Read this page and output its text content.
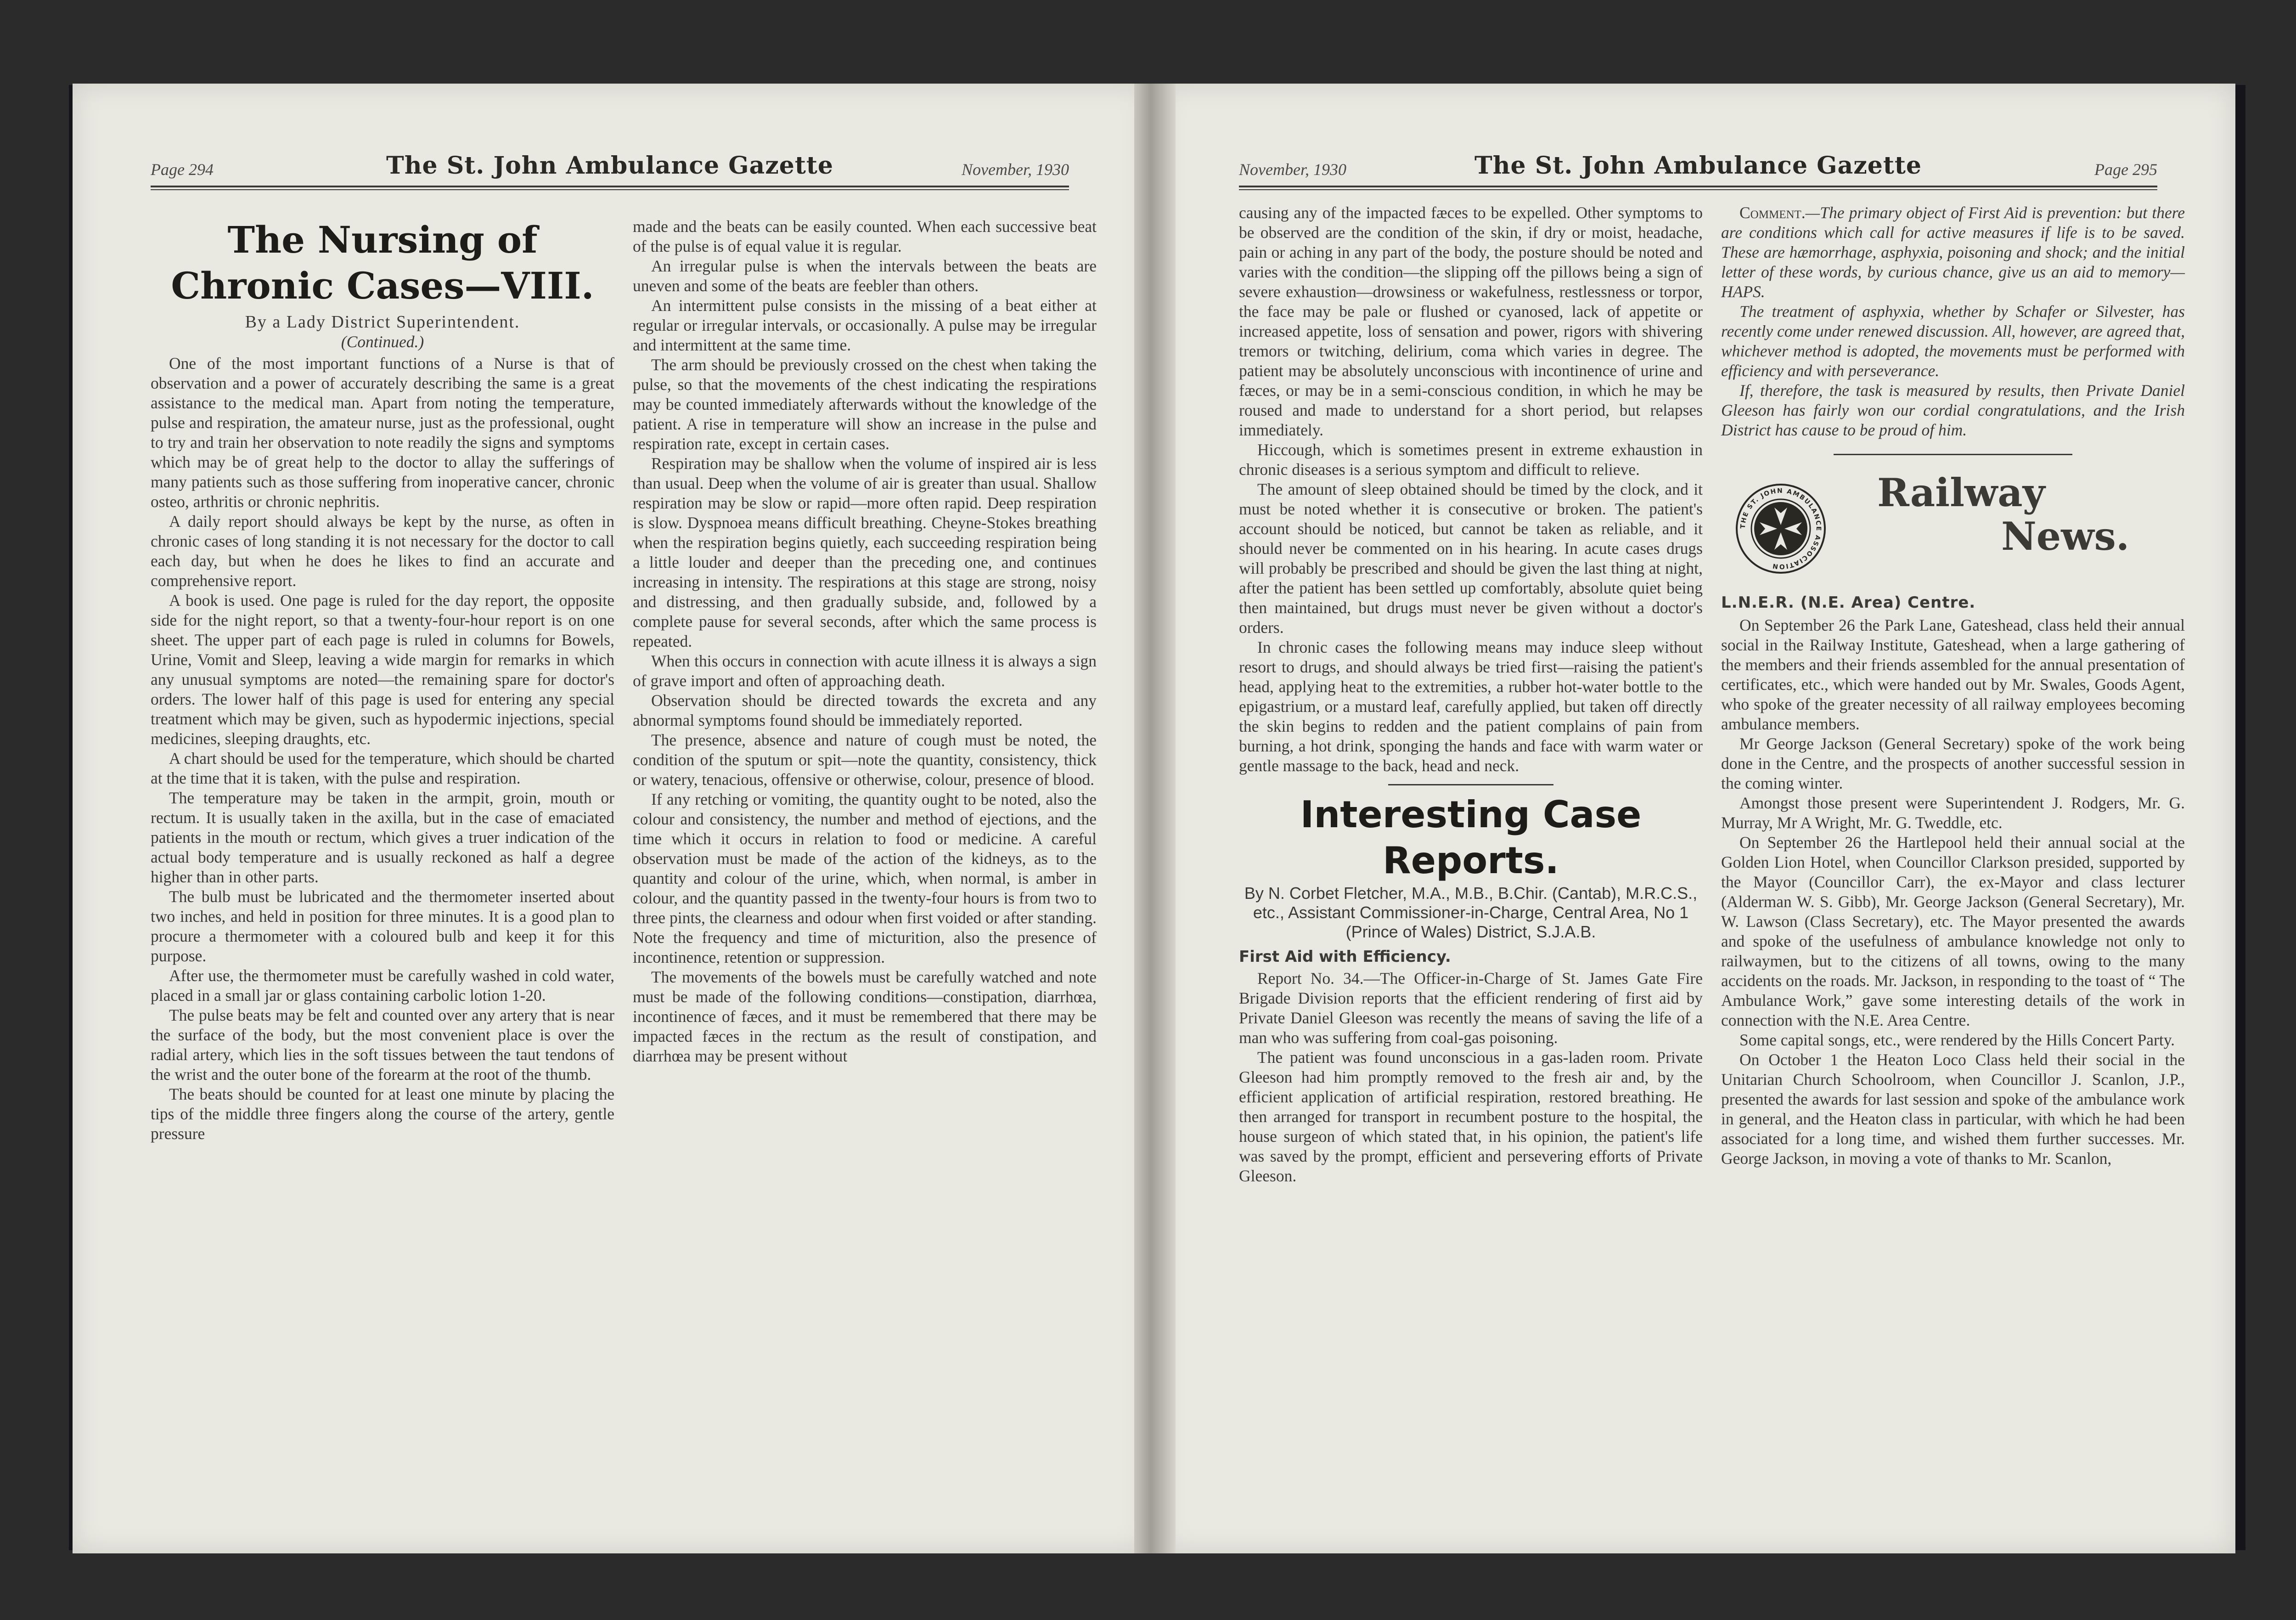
Page 294	The St. John Ambulance Gazette	November, 1930
The Nursing of Chronic Cases—VIII.
By a Lady District Superintendent.
(Continued.)

One of the most important functions of a Nurse is that of observation and a power of accurately describing the same is a great assistance to the medical man. Apart from noting the temperature, pulse and respiration, the amateur nurse, just as the professional, ought to try and train her observation to note readily the signs and symptoms which may be of great help to the doctor to allay the sufferings of many patients such as those suffering from inoperative cancer, chronic osteo, arthritis or chronic nephritis.

A daily report should always be kept by the nurse, as often in chronic cases of long standing it is not necessary for the doctor to call each day, but when he does he likes to find an accurate and comprehensive report.

A book is used. One page is ruled for the day report, the opposite side for the night report, so that a twenty-four-hour report is on one sheet. The upper part of each page is ruled in columns for Bowels, Urine, Vomit and Sleep, leaving a wide margin for remarks in which any unusual symptoms are noted—the remaining spare for doctor's orders. The lower half of this page is used for entering any special treatment which may be given, such as hypodermic injections, special medicines, sleeping draughts, etc.

A chart should be used for the temperature, which should be charted at the time that it is taken, with the pulse and respiration.

The temperature may be taken in the armpit, groin, mouth or rectum. It is usually taken in the axilla, but in the case of emaciated patients in the mouth or rectum, which gives a truer indication of the actual body temperature and is usually reckoned as half a degree higher than in other parts.

The bulb must be lubricated and the thermometer inserted about two inches, and held in position for three minutes. It is a good plan to procure a thermometer with a coloured bulb and keep it for this purpose.

After use, the thermometer must be carefully washed in cold water, placed in a small jar or glass containing carbolic lotion 1-20.

The pulse beats may be felt and counted over any artery that is near the surface of the body, but the most convenient place is over the radial artery, which lies in the soft tissues between the taut tendons of the wrist and the outer bone of the forearm at the root of the thumb.

The beats should be counted for at least one minute by placing the tips of the middle three fingers along the course of the artery, gentle pressure

made and the beats can be easily counted. When each successive beat of the pulse is of equal value it is regular.

An irregular pulse is when the intervals between the beats are uneven and some of the beats are feebler than others.

An intermittent pulse consists in the missing of a beat either at regular or irregular intervals, or occasionally. A pulse may be irregular and intermittent at the same time.

The arm should be previously crossed on the chest when taking the pulse, so that the movements of the chest indicating the respirations may be counted immediately afterwards without the knowledge of the patient. A rise in temperature will show an increase in the pulse and respiration rate, except in certain cases.

Respiration may be shallow when the volume of inspired air is less than usual. Deep when the volume of air is greater than usual. Shallow respiration may be slow or rapid—more often rapid. Deep respiration is slow. Dyspnoea means difficult breathing. Cheyne-Stokes breathing when the respiration begins quietly, each succeeding respiration being a little louder and deeper than the preceding one, and continues increasing in intensity. The respirations at this stage are strong, noisy and distressing, and then gradually subside, and, followed by a complete pause for several seconds, after which the same process is repeated.

When this occurs in connection with acute illness it is always a sign of grave import and often of approaching death.

Observation should be directed towards the excreta and any abnormal symptoms found should be immediately reported.

The presence, absence and nature of cough must be noted, the condition of the sputum or spit—note the quantity, consistency, thick or watery, tenacious, offensive or otherwise, colour, presence of blood.

If any retching or vomiting, the quantity ought to be noted, also the colour and consistency, the number and method of ejections, and the time which it occurs in relation to food or medicine. A careful observation must be made of the action of the kidneys, as to the quantity and colour of the urine, which, when normal, is amber in colour, and the quantity passed in the twenty-four hours is from two to three pints, the clearness and odour when first voided or after standing. Note the frequency and time of micturition, also the presence of incontinence, retention or suppression.

The movements of the bowels must be carefully watched and note must be made of the following conditions—constipation, diarrhœa, incontinence of fæces, and it must be remembered that there may be impacted fæces in the rectum as the result of constipation, and diarrhœa may be present without

November, 1930	The St. John Ambulance Gazette	Page 295

causing any of the impacted fæces to be expelled. Other symptoms to be observed are the condition of the skin, if dry or moist, headache, pain or aching in any part of the body, the posture should be noted and varies with the condition—the slipping off the pillows being a sign of severe exhaustion—drowsiness or wakefulness, restlessness or torpor, the face may be pale or flushed or cyanosed, lack of appetite or increased appetite, loss of sensation and power, rigors with shivering tremors or twitching, delirium, coma which varies in degree. The patient may be absolutely unconscious with incontinence of urine and fæces, or may be in a semi-conscious condition, in which he may be roused and made to understand for a short period, but relapses immediately.

Hiccough, which is sometimes present in extreme exhaustion in chronic diseases is a serious symptom and difficult to relieve.

The amount of sleep obtained should be timed by the clock, and it must be noted whether it is consecutive or broken. The patient's account should be noticed, but cannot be taken as reliable, and it should never be commented on in his hearing. In acute cases drugs will probably be prescribed and should be given the last thing at night, after the patient has been settled up comfortably, absolute quiet being then maintained, but drugs must never be given without a doctor's orders.

In chronic cases the following means may induce sleep without resort to drugs, and should always be tried first—raising the patient's head, applying heat to the extremities, a rubber hot-water bottle to the epigastrium, or a mustard leaf, carefully applied, but taken off directly the skin begins to redden and the patient complains of pain from burning, a hot drink, sponging the hands and face with warm water or gentle massage to the back, head and neck.

Interesting Case Reports.
By N. Corbet Fletcher, M.A., M.B., B.Chir. (Cantab), M.R.C.S., etc., Assistant Commissioner-in-Charge, Central Area, No 1 (Prince of Wales) District, S.J.A.B.
First Aid with Efficiency.

Report No. 34.—The Officer-in-Charge of St. James Gate Fire Brigade Division reports that the efficient rendering of first aid by Private Daniel Gleeson was recently the means of saving the life of a man who was suffering from coal-gas poisoning.

The patient was found unconscious in a gas-laden room. Private Gleeson had him promptly removed to the fresh air and, by the efficient application of artificial respiration, restored breathing. He then arranged for transport in recumbent posture to the hospital, the house surgeon of which stated that, in his opinion, the patient's life was saved by the prompt, efficient and persevering efforts of Private Gleeson.

Comment.—The primary object of First Aid is prevention: but there are conditions which call for active measures if life is to be saved. These are hæmorrhage, asphyxia, poisoning and shock; and the initial letter of these words, by curious chance, give us an aid to memory—HAPS.

The treatment of asphyxia, whether by Schafer or Silvester, has recently come under renewed discussion. All, however, are agreed that, whichever method is adopted, the movements must be performed with efficiency and with perseverance.

If, therefore, the task is measured by results, then Private Daniel Gleeson has fairly won our cordial congratulations, and the Irish District has cause to be proud of him.

THE ST. JOHN AMBULANCE ASSOCIATION
Railway
News.
L.N.E.R. (N.E. Area) Centre.

On September 26 the Park Lane, Gateshead, class held their annual social in the Railway Institute, Gateshead, when a large gathering of the members and their friends assembled for the annual presentation of certificates, etc., which were handed out by Mr. Swales, Goods Agent, who spoke of the greater necessity of all railway employees becoming ambulance members.

Mr George Jackson (General Secretary) spoke of the work being done in the Centre, and the prospects of another successful session in the coming winter.

Amongst those present were Superintendent J. Rodgers, Mr. G. Murray, Mr A Wright, Mr. G. Tweddle, etc.

On September 26 the Hartlepool held their annual social at the Golden Lion Hotel, when Councillor Clarkson presided, supported by the Mayor (Councillor Carr), the ex-Mayor and class lecturer (Alderman W. S. Gibb), Mr. George Jackson (General Secretary), Mr. W. Lawson (Class Secretary), etc. The Mayor presented the awards and spoke of the usefulness of ambulance knowledge not only to railwaymen, but to the citizens of all towns, owing to the many accidents on the roads. Mr. Jackson, in responding to the toast of “ The Ambulance Work,” gave some interesting details of the work in connection with the N.E. Area Centre.

Some capital songs, etc., were rendered by the Hills Concert Party.

On October 1 the Heaton Loco Class held their social in the Unitarian Church Schoolroom, when Councillor J. Scanlon, J.P., presented the awards for last session and spoke of the ambulance work in general, and the Heaton class in particular, with which he had been associated for a long time, and wished them further successes. Mr. George Jackson, in moving a vote of thanks to Mr. Scanlon,
